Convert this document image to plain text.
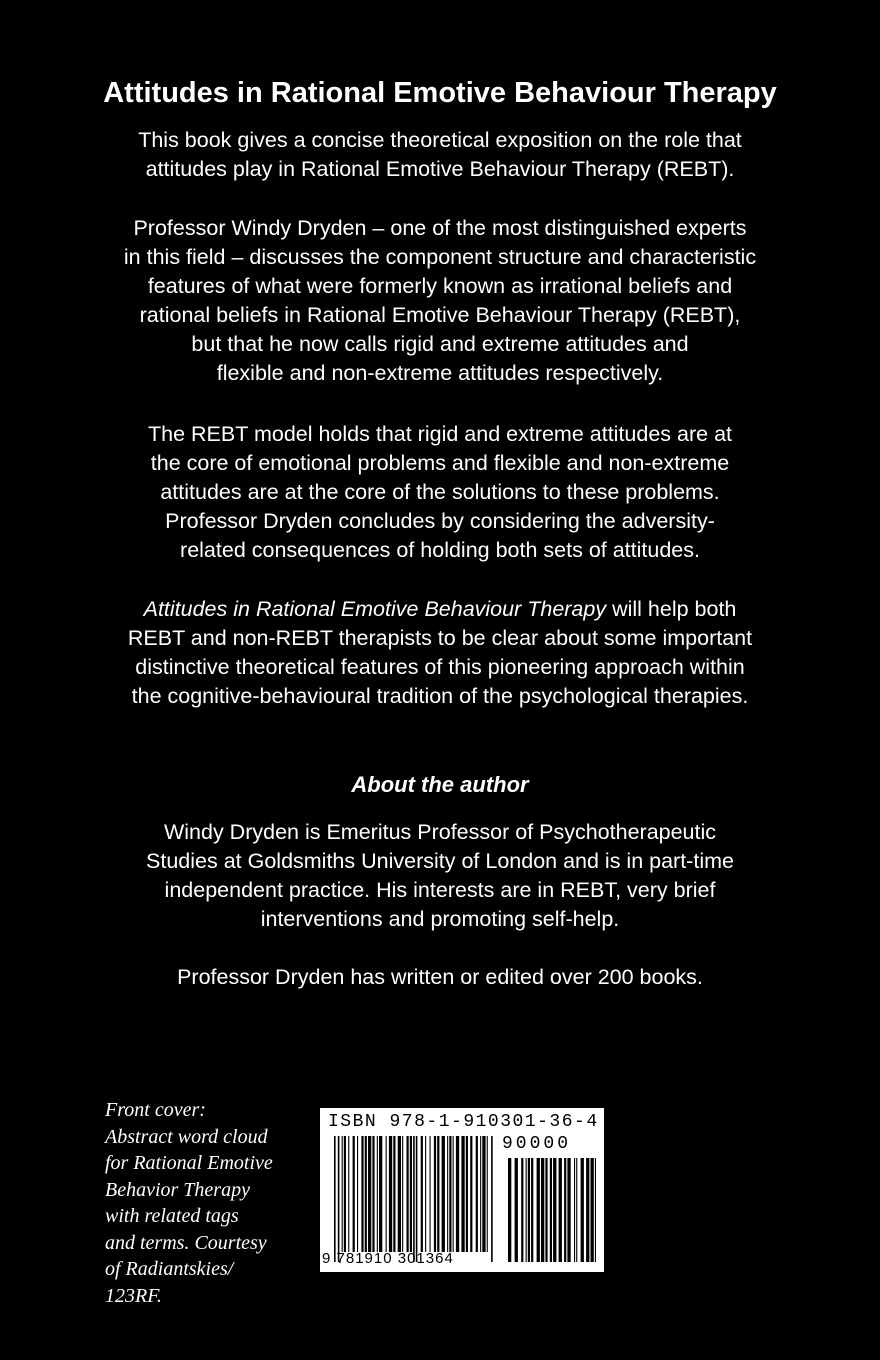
Attitudes in Rational Emotive Behaviour Therapy
This book gives a concise theoretical exposition on the role that
attitudes play in Rational Emotive Behaviour Therapy (REBT).
Professor Windy Dryden – one of the most distinguished experts
in this field – discusses the component structure and characteristic
features of what were formerly known as irrational beliefs and
rational beliefs in Rational Emotive Behaviour Therapy (REBT),
but that he now calls rigid and extreme attitudes and
flexible and non-extreme attitudes respectively.
The REBT model holds that rigid and extreme attitudes are at
the core of emotional problems and flexible and non-extreme
attitudes are at the core of the solutions to these problems.
Professor Dryden concludes by considering the adversity-
related consequences of holding both sets of attitudes.
Attitudes in Rational Emotive Behaviour Therapy will help both
REBT and non-REBT therapists to be clear about some important
distinctive theoretical features of this pioneering approach within
the cognitive-behavioural tradition of the psychological therapies.
About the author
Windy Dryden is Emeritus Professor of Psychotherapeutic
Studies at Goldsmiths University of London and is in part-time
independent practice. His interests are in REBT, very brief
interventions and promoting self-help.
Professor Dryden has written or edited over 200 books.
Front cover:
Abstract word cloud
for Rational Emotive
Behavior Therapy
with related tags
and terms. Courtesy
of Radiantskies/
123RF.
ISBN 978-1-910301-36-4
90000
9 781910 301364
